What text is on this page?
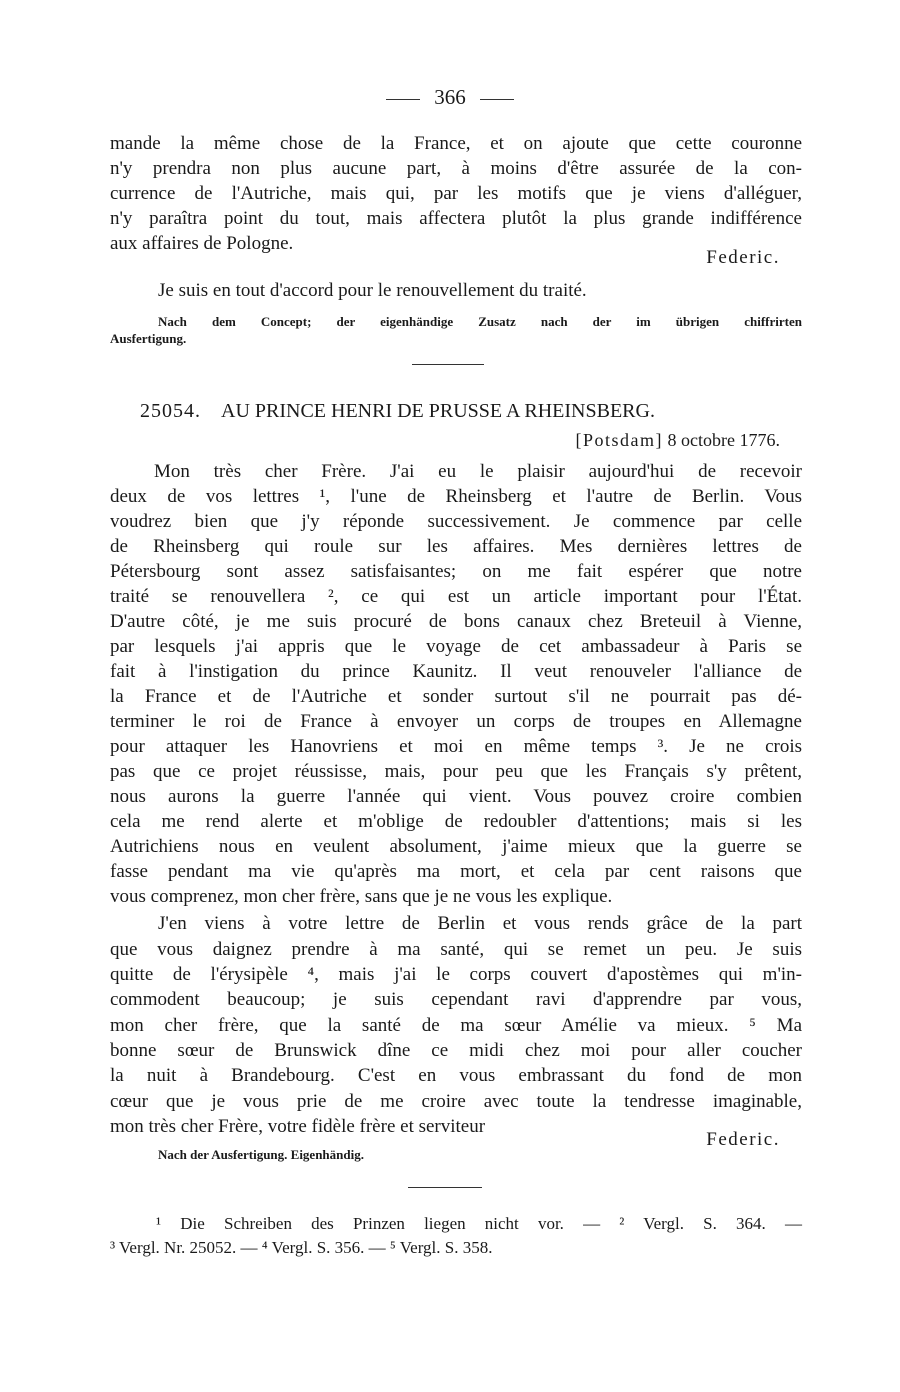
366
mande la même chose de la France, et on ajoute que cette couronne
n'y prendra non plus aucune part, à moins d'être assurée de la con-
currence de l'Autriche, mais qui, par les motifs que je viens d'alléguer,
n'y paraîtra point du tout, mais affectera plutôt la plus grande indifférence
aux affaires de Pologne.
Federic.
Je suis en tout d'accord pour le renouvellement du traité.
Nach dem Concept; der eigenhändige Zusatz nach der im übrigen chiffrirten
Ausfertigung.
25054. AU PRINCE HENRI DE PRUSSE A RHEINSBERG.
[Potsdam] 8 octobre 1776.
Mon très cher Frère. J'ai eu le plaisir aujourd'hui de recevoir
deux de vos lettres ¹, l'une de Rheinsberg et l'autre de Berlin. Vous
voudrez bien que j'y réponde successivement. Je commence par celle
de Rheinsberg qui roule sur les affaires. Mes dernières lettres de
Pétersbourg sont assez satisfaisantes; on me fait espérer que notre
traité se renouvellera ², ce qui est un article important pour l'État.
D'autre côté, je me suis procuré de bons canaux chez Breteuil à Vienne,
par lesquels j'ai appris que le voyage de cet ambassadeur à Paris se
fait à l'instigation du prince Kaunitz. Il veut renouveler l'alliance de
la France et de l'Autriche et sonder surtout s'il ne pourrait pas dé-
terminer le roi de France à envoyer un corps de troupes en Allemagne
pour attaquer les Hanovriens et moi en même temps ³. Je ne crois
pas que ce projet réussisse, mais, pour peu que les Français s'y prêtent,
nous aurons la guerre l'année qui vient. Vous pouvez croire combien
cela me rend alerte et m'oblige de redoubler d'attentions; mais si les
Autrichiens nous en veulent absolument, j'aime mieux que la guerre se
fasse pendant ma vie qu'après ma mort, et cela par cent raisons que
vous comprenez, mon cher frère, sans que je ne vous les explique.
J'en viens à votre lettre de Berlin et vous rends grâce de la part
que vous daignez prendre à ma santé, qui se remet un peu. Je suis
quitte de l'érysipèle ⁴, mais j'ai le corps couvert d'apostèmes qui m'in-
commodent beaucoup; je suis cependant ravi d'apprendre par vous,
mon cher frère, que la santé de ma sœur Amélie va mieux. ⁵ Ma
bonne sœur de Brunswick dîne ce midi chez moi pour aller coucher
la nuit à Brandebourg. C'est en vous embrassant du fond de mon
cœur que je vous prie de me croire avec toute la tendresse imaginable,
mon très cher Frère, votre fidèle frère et serviteur
Federic.
Nach der Ausfertigung. Eigenhändig.
¹ Die Schreiben des Prinzen liegen nicht vor. — ² Vergl. S. 364. —
³ Vergl. Nr. 25052. — ⁴ Vergl. S. 356. — ⁵ Vergl. S. 358.
